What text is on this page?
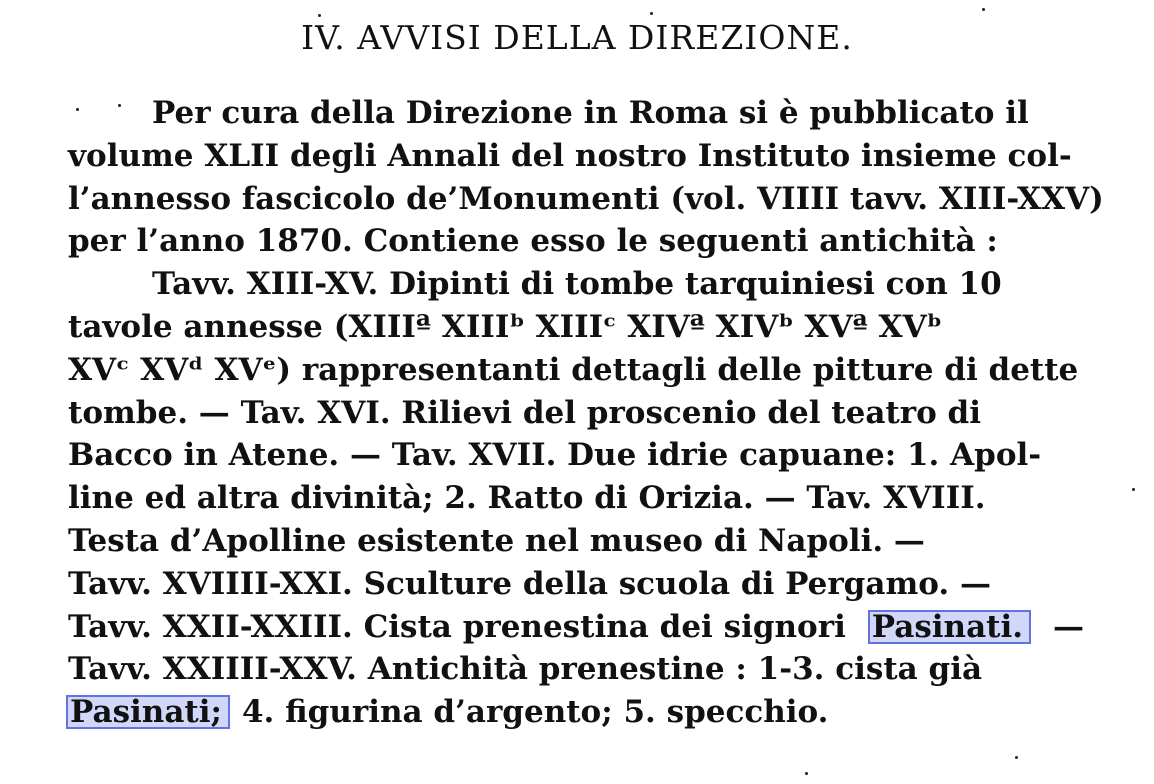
IV. AVVISI DELLA DIREZIONE.
Per cura della Direzione in Roma si è pubblicato il
volume XLII degli Annali del nostro Instituto insieme col-
l’annesso fascicolo de’Monumenti (vol. VIIII tavv. XIII-XXV)
per l’anno 1870. Contiene esso le seguenti antichità :
Tavv. XIII-XV. Dipinti di tombe tarquiniesi con 10
tavole annesse (XIIIª XIIIᵇ XIIIᶜ XIVª XIVᵇ XVª XVᵇ
XVᶜ XVᵈ XVᵉ) rappresentanti dettagli delle pitture di dette
tombe. — Tav. XVI. Rilievi del proscenio del teatro di
Bacco in Atene. — Tav. XVII. Due idrie capuane: 1. Apol-
line ed altra divinità; 2. Ratto di Orizia. — Tav. XVIII.
Testa d’Apolline esistente nel museo di Napoli. —
Tavv. XVIIII-XXI. Sculture della scuola di Pergamo. —
Tavv. XXII-XXIII. Cista prenestina dei signori Pasinati. —
Tavv. XXIIII-XXV. Antichità prenestine : 1-3. cista già
Pasinati; 4. figurina d’argento; 5. specchio.
